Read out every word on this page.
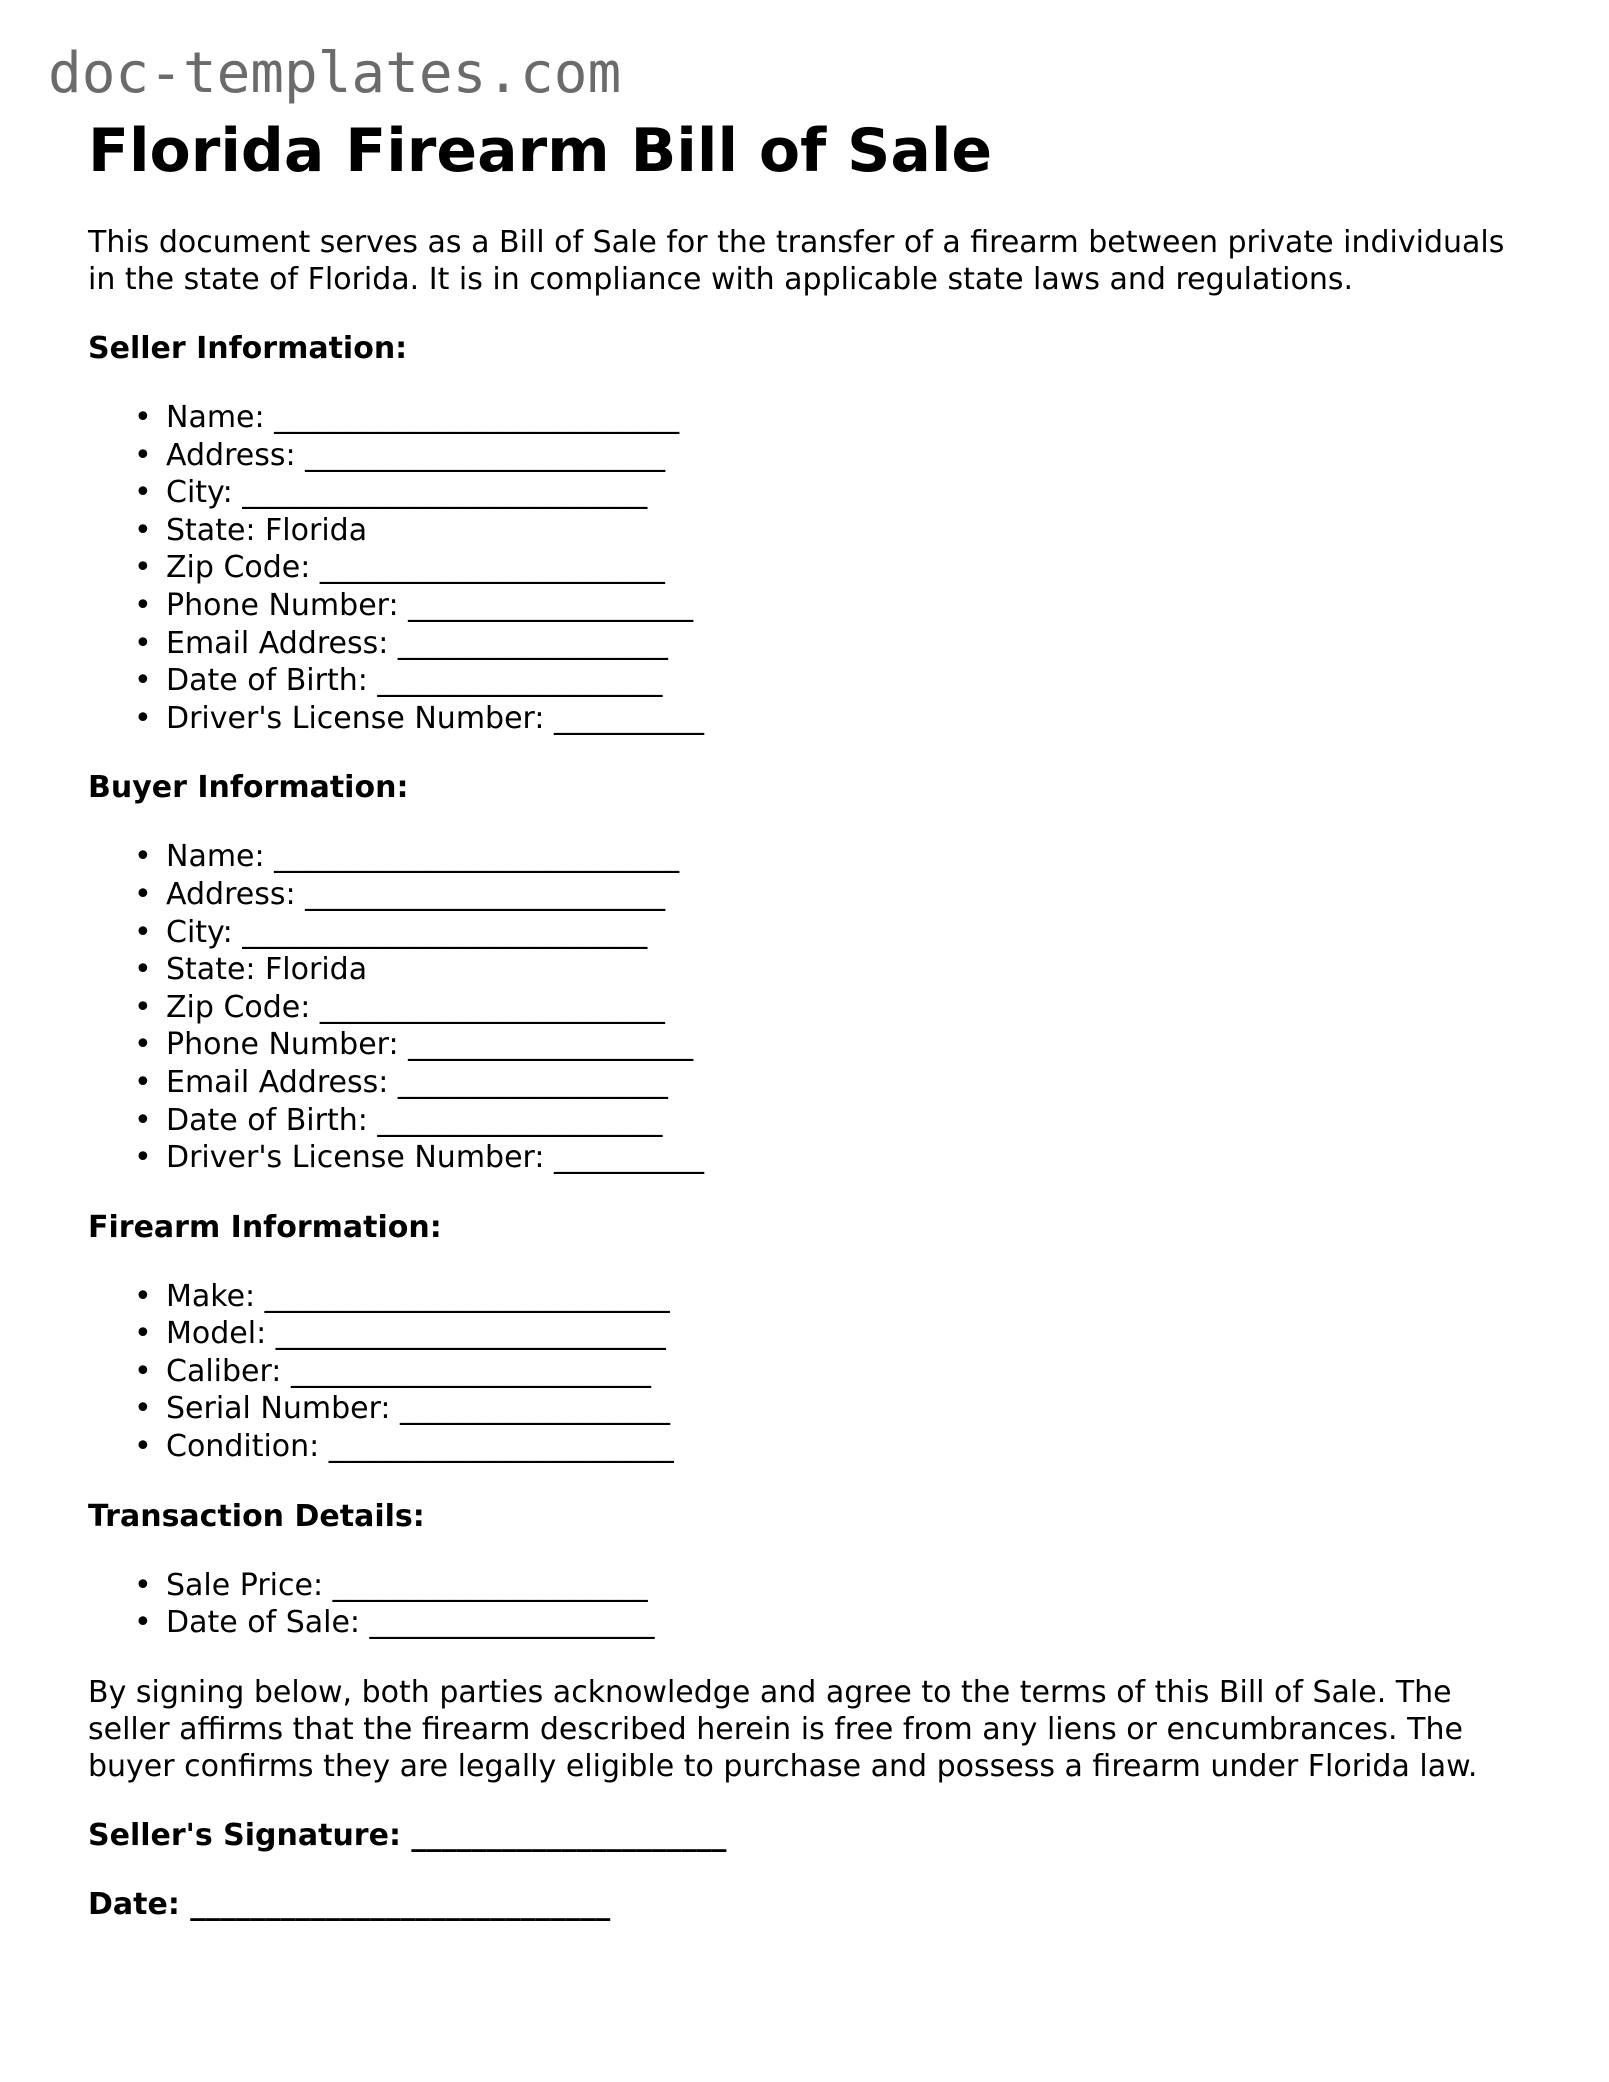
doc-templates.com
Florida Firearm Bill of Sale

This document serves as a Bill of Sale for the transfer of a firearm between private individuals in the state of Florida. It is in compliance with applicable state laws and regulations.

Seller Information:
• Name: ___________________________
• Address: ________________________
• City: ___________________________
• State: Florida
• Zip Code: _______________________
• Phone Number: ___________________
• Email Address: __________________
• Date of Birth: ___________________
• Driver's License Number: __________
Buyer Information:
• Name: ___________________________
• Address: ________________________
• City: ___________________________
• State: Florida
• Zip Code: _______________________
• Phone Number: ___________________
• Email Address: __________________
• Date of Birth: ___________________
• Driver's License Number: __________
Firearm Information:
• Make: ___________________________
• Model: __________________________
• Caliber: ________________________
• Serial Number: __________________
• Condition: _______________________
Transaction Details:
• Sale Price: _____________________
• Date of Sale: ___________________

By signing below, both parties acknowledge and agree to the terms of this Bill of Sale. The seller affirms that the firearm described herein is free from any liens or encumbrances. The buyer confirms they are legally eligible to purchase and possess a firearm under Florida law.

Seller's Signature: _____________________
Date: ____________________________
